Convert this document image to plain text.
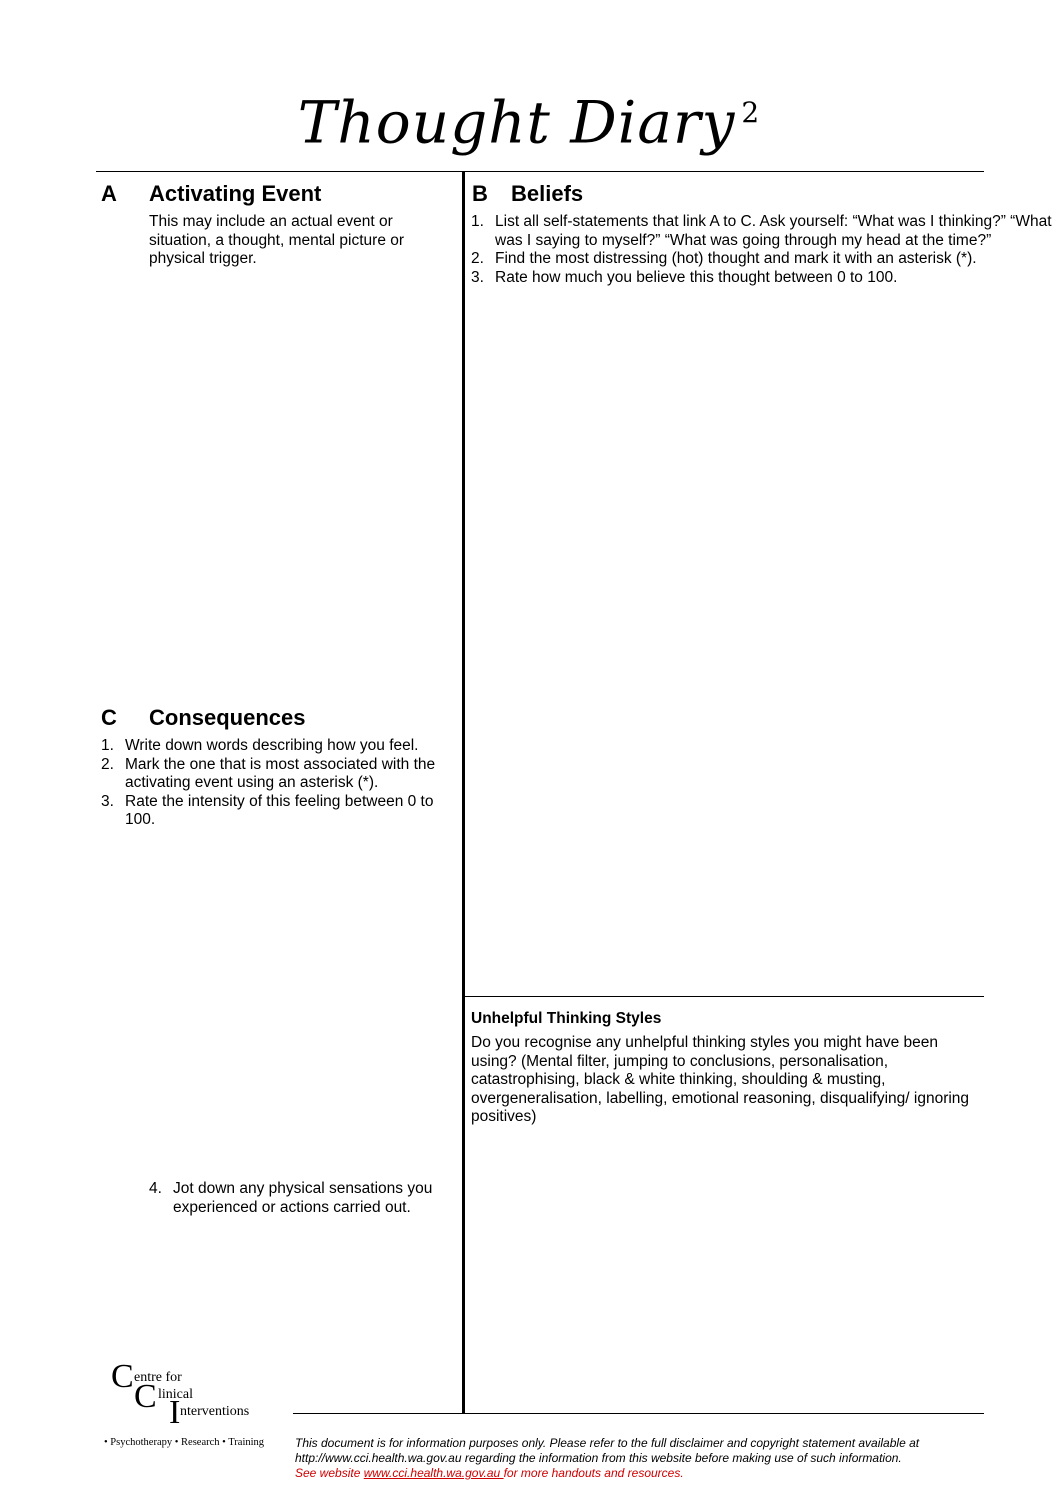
Thought Diary $^2$
A Activating Event
This may include an actual event or situation, a thought, mental picture or physical trigger.
B Beliefs
1. List all self-statements that link A to C. Ask yourself: “What was I thinking?” “What was I saying to myself?” “What was going through my head at the time?”
2. Find the most distressing (hot) thought and mark it with an asterisk (*).
3. Rate how much you believe this thought between 0 to 100.
C Consequences
1. Write down words describing how you feel.
2. Mark the one that is most associated with the activating event using an asterisk (*).
3. Rate the intensity of this feeling between 0 to 100.
4. Jot down any physical sensations you experienced or actions carried out.
Unhelpful Thinking Styles
Do you recognise any unhelpful thinking styles you might have been using? (Mental filter, jumping to conclusions, personalisation, catastrophising, black & white thinking, shoulding & musting, overgeneralisation, labelling, emotional reasoning, disqualifying/ ignoring positives)
C entre for
C linical
I nterventions
• Psychotherapy • Research • Training	This document is for information purposes only. Please refer to the full disclaimer and copyright statement available at http://www.cci.health.wa.gov.au regarding the information from this website before making use of such information.
See website www.cci.health.wa.gov.au for more handouts and resources.
